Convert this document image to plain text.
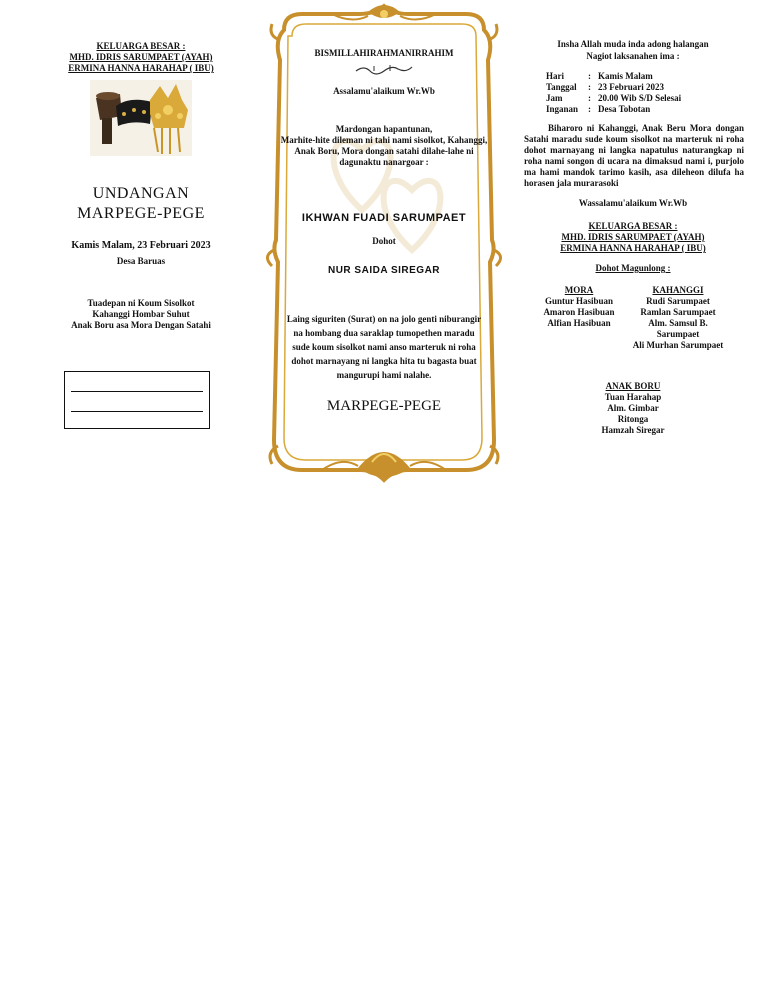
KELUARGA BESAR :
MHD. IDRIS SARUMPAET (AYAH)
ERMINA HANNA HARAHAP ( IBU)
UNDANGAN
MARPEGE-PEGE
Kamis Malam, 23 Februari 2023
Desa Baruas
Tuadepan ni Koum Sisolkot
Kahanggi Hombar Suhut
Anak Boru asa Mora Dengan Satahi
BISMILLAHIRAHMANIRRAHIM
Assalamu'alaikum Wr.Wb
Mardongan hapantunan,
Marhite-hite dileman ni tahi nami sisolkot, Kahanggi,
Anak Boru, Mora dongan satahi dilahe-lahe ni
dagunaktu nanargoar :
IKHWAN FUADI SARUMPAET
Dohot
NUR SAIDA SIREGAR
Laing siguriten (Surat) on na jolo genti niburangir
na hombang dua saraklap tumopethen maradu
sude koum sisolkot nami anso marteruk ni roha
dohot marnayang ni langka hita tu bagasta buat
mangurupi hami nalahe.
MARPEGE-PEGE
Insha Allah muda inda adong halangan
Nagiot laksanahen ima :
Hari	:	Kamis Malam
Tanggal	:	23 Februari 2023
Jam	:	20.00 Wib S/D Selesai
Inganan	:	Desa Tobotan
Biharoro ni Kahanggi, Anak Beru Mora dongan Satahi maradu sude koum sisolkot na marteruk ni roha dohot marnayang ni langka napatulus naturangkap ni roha nami songon di ucara na dimaksud nami i, purjolo ma hami mandok tarimo kasih, asa dileheon dilufa ha horasen jala murarasoki
Wassalamu'alaikum Wr.Wb
KELUARGA BESAR :
MHD. IDRIS SARUMPAET (AYAH)
ERMINA HANNA HARAHAP ( IBU)
Dohot Magunlong :
MORA
Guntur Hasibuan
Amaron Hasibuan
Alfian Hasibuan
KAHANGGI
Rudi Sarumpaet
Ramlan Sarumpaet
Alm. Samsul B.
Sarumpaet
Ali Murhan Sarumpaet
ANAK BORU
Tuan Harahap
Alm. Gimbar
Ritonga
Hamzah Siregar
